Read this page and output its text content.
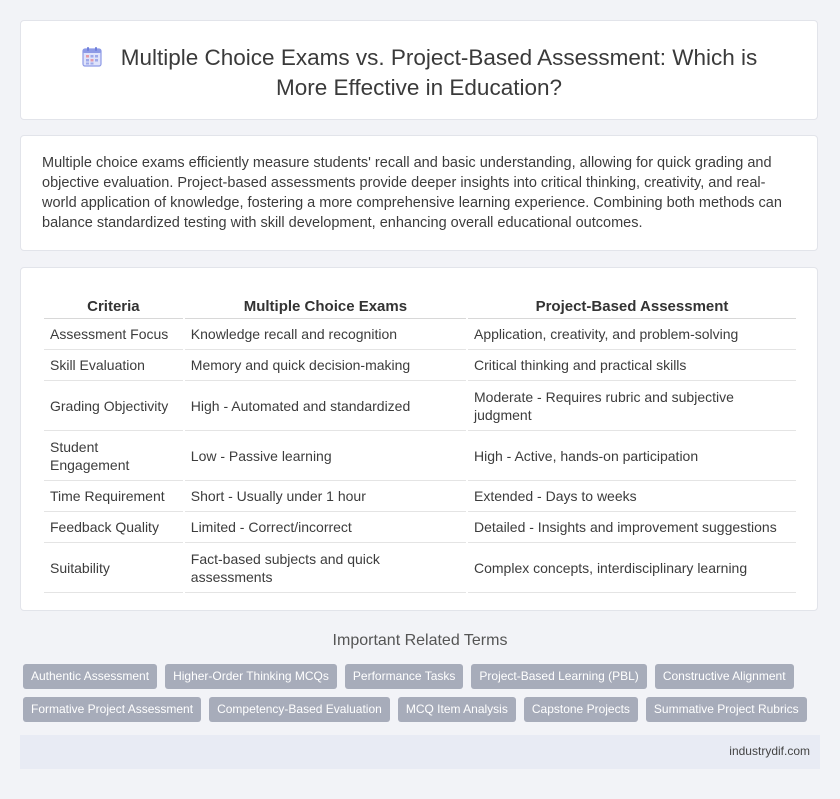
Multiple Choice Exams vs. Project-Based Assessment: Which is More Effective in Education?
Multiple choice exams efficiently measure students' recall and basic understanding, allowing for quick grading and objective evaluation. Project-based assessments provide deeper insights into critical thinking, creativity, and real-world application of knowledge, fostering a more comprehensive learning experience. Combining both methods can balance standardized testing with skill development, enhancing overall educational outcomes.
Criteria	Multiple Choice Exams	Project-Based Assessment
Assessment Focus	Knowledge recall and recognition	Application, creativity, and problem-solving
Skill Evaluation	Memory and quick decision-making	Critical thinking and practical skills
Grading Objectivity	High - Automated and standardized	Moderate - Requires rubric and subjective judgment
Student Engagement	Low - Passive learning	High - Active, hands-on participation
Time Requirement	Short - Usually under 1 hour	Extended - Days to weeks
Feedback Quality	Limited - Correct/incorrect	Detailed - Insights and improvement suggestions
Suitability	Fact-based subjects and quick assessments	Complex concepts, interdisciplinary learning
Important Related Terms
Authentic Assessment	Higher-Order Thinking MCQs	Performance Tasks	Project-Based Learning (PBL)	Constructive Alignment
Formative Project Assessment	Competency-Based Evaluation	MCQ Item Analysis	Capstone Projects	Summative Project Rubrics
industrydif.com
